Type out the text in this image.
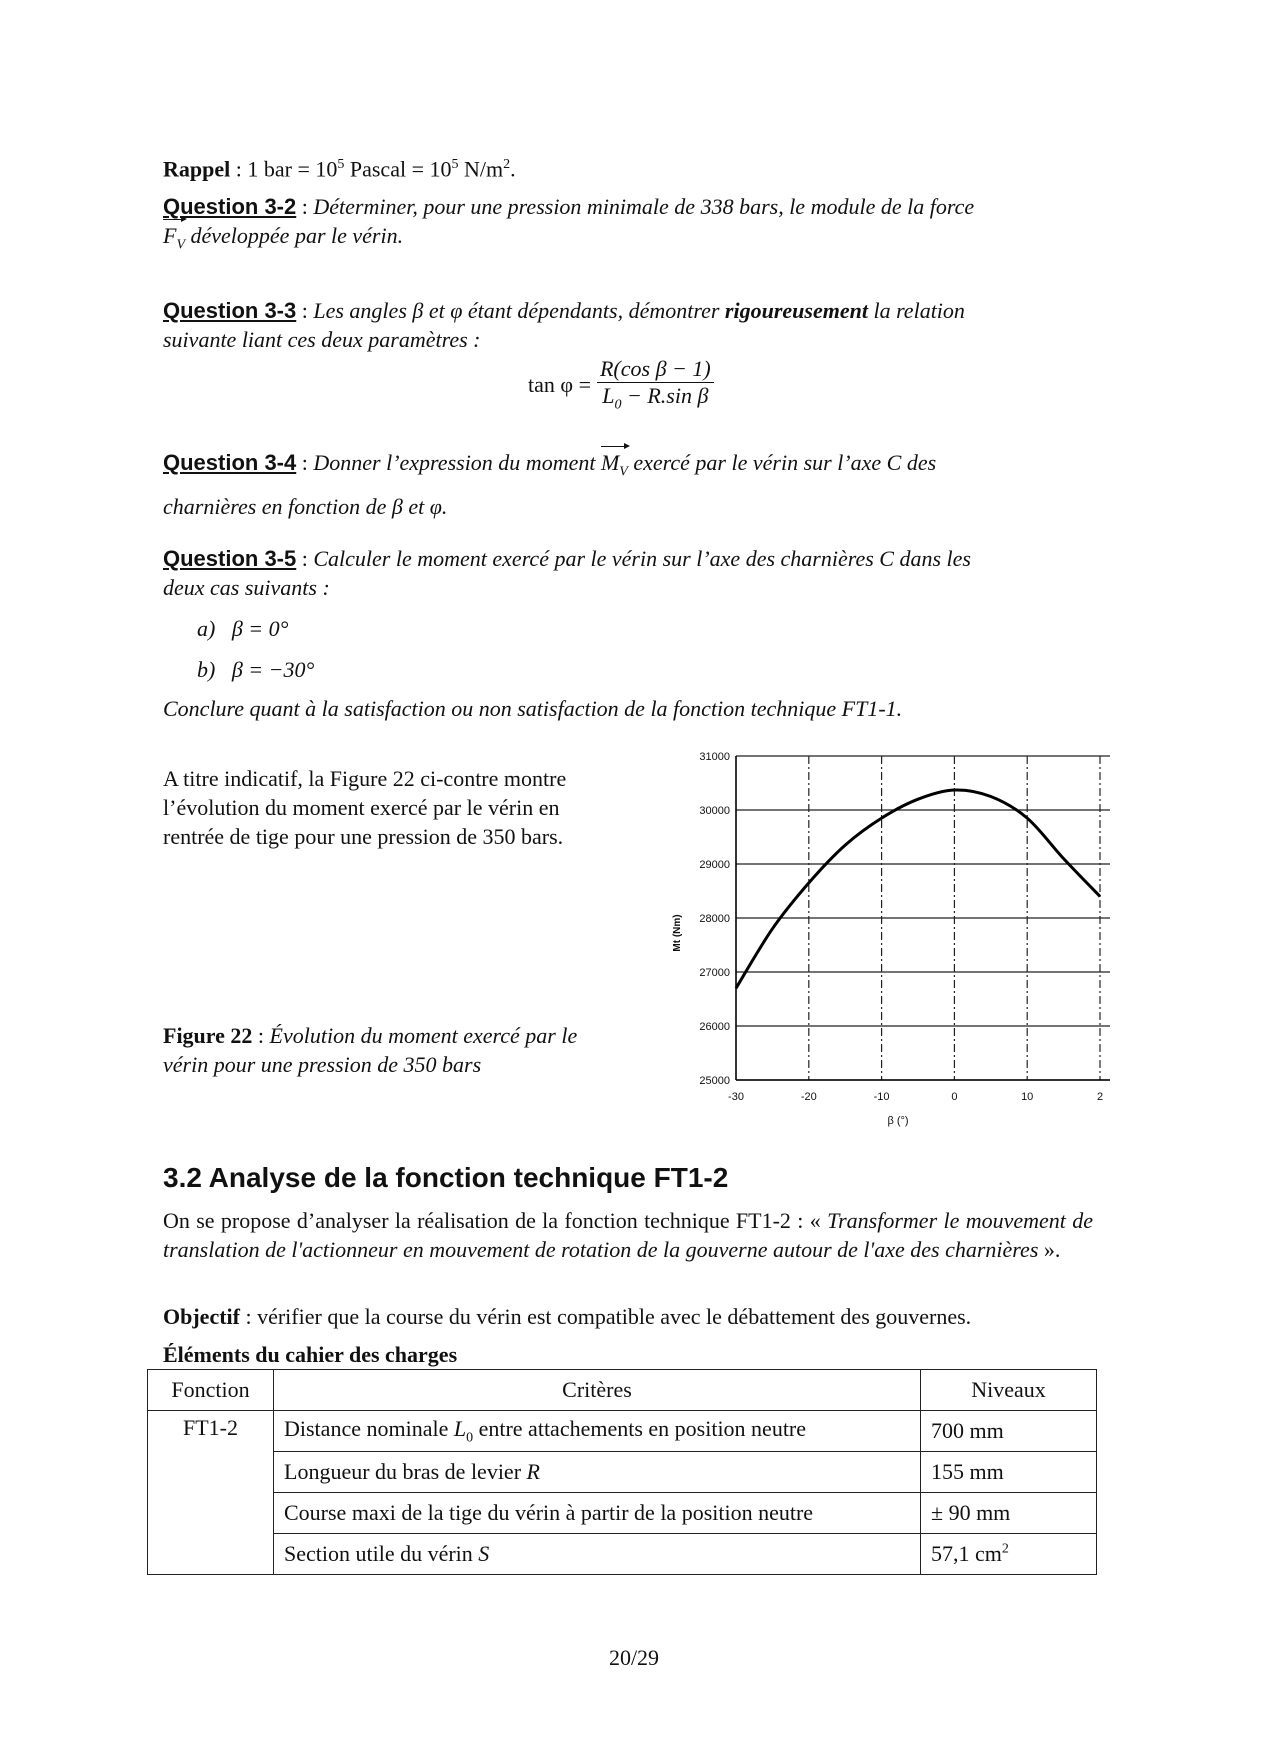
Rappel : 1 bar = $10^5$ Pascal = $10^5$ $N/m^2$.
Question 3-2 : Déterminer, pour une pression minimale de 338 bars, le module de la force
$F_V$ développée par le vérin.
Question 3-3 : Les angles β et φ étant dépendants, démontrer rigoureusement la relation
suivante liant ces deux paramètres :
$\tan \varphi = \frac{\text{R(cos β − 1)}}{L_0 - R.\sin \beta}$
Question 3-4 : Donner l’expression du moment $M_V$ exercé par le vérin sur l’axe C des
charnières en fonction de β et φ.
Question 3-5 : Calculer le moment exercé par le vérin sur l’axe des charnières C dans les
deux cas suivants :
a) β = 0°
b) β = −30°
Conclure quant à la satisfaction ou non satisfaction de la fonction technique FT1-1.
A titre indicatif, la Figure 22 ci-contre montre
l’évolution du moment exercé par le vérin en
rentrée de tige pour une pression de 350 bars.
Figure 22 : Évolution du moment exercé par le
vérin pour une pression de 350 bars
25000
26000
27000
28000
29000
30000
31000
-30	-20	-10	0	10	2
β (°)
Mt (Nm)
3.2 Analyse de la fonction technique FT1-2
On se propose d’analyser la réalisation de la fonction technique FT1-2 : « Transformer le mouvement de translation de l'actionneur en mouvement de rotation de la gouverne autour de l'axe des charnières ».
Objectif : vérifier que la course du vérin est compatible avec le débattement des gouvernes.
Éléments du cahier des charges
Fonction	Critères	Niveaux
FT1-2	Distance nominale $L_0$ entre attachements en position neutre	700 mm
	Longueur du bras de levier R	155 mm
	Course maxi de la tige du vérin à partir de la position neutre	± 90 mm
	Section utile du vérin S	57,1 $cm^2$
20/29
